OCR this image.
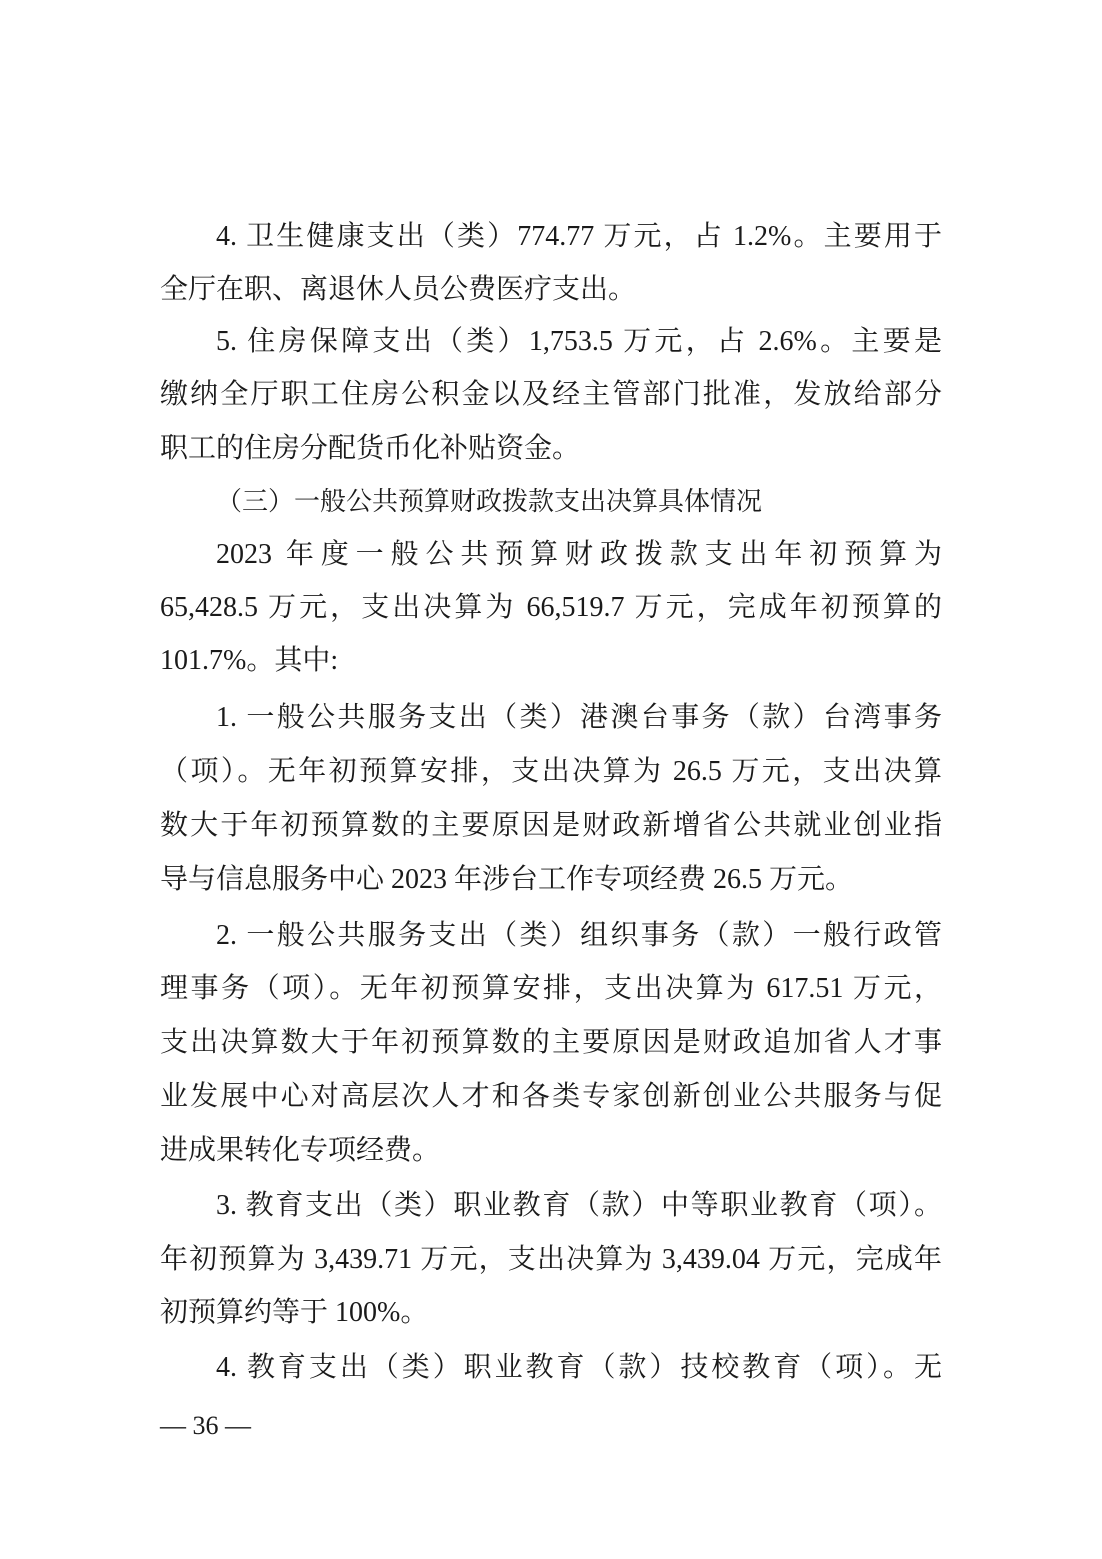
4. 卫生健康支出（类）774.77 万元，占 1.2%。主要用于
全厅在职、离退休人员公费医疗支出。
5. 住房保障支出（类）1,753.5 万元，占 2.6%。主要是
缴纳全厅职工住房公积金以及经主管部门批准，发放给部分
职工的住房分配货币化补贴资金。
（三）一般公共预算财政拨款支出决算具体情况
2023 年度一般公共预算财政拨款支出年初预算为
65,428.5 万元，支出决算为 66,519.7 万元，完成年初预算的
101.7%。其中:
1. 一般公共服务支出（类）港澳台事务（款）台湾事务
（项）。无年初预算安排，支出决算为 26.5 万元，支出决算
数大于年初预算数的主要原因是财政新增省公共就业创业指
导与信息服务中心 2023 年涉台工作专项经费 26.5 万元。
2. 一般公共服务支出（类）组织事务（款）一般行政管
理事务（项）。无年初预算安排，支出决算为 617.51 万元，
支出决算数大于年初预算数的主要原因是财政追加省人才事
业发展中心对高层次人才和各类专家创新创业公共服务与促
进成果转化专项经费。
3. 教育支出（类）职业教育（款）中等职业教育（项）。
年初预算为 3,439.71 万元，支出决算为 3,439.04 万元，完成年
初预算约等于 100%。
4. 教育支出（类）职业教育（款）技校教育（项）。无
— 36 —
